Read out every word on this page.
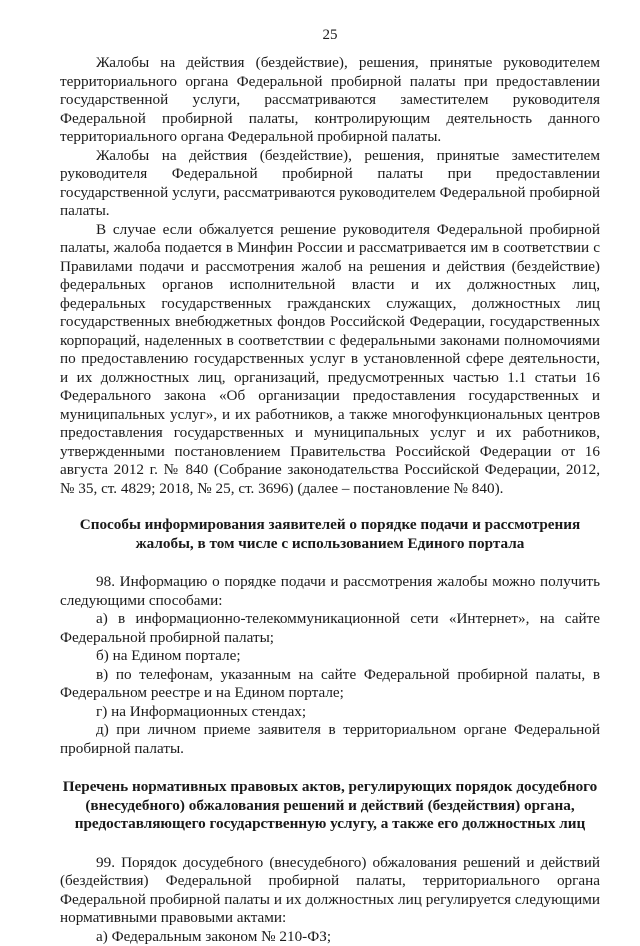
25

Жалобы на действия (бездействие), решения, принятые руководителем территориального органа Федеральной пробирной палаты при предоставлении государственной услуги, рассматриваются заместителем руководителя Федеральной пробирной палаты, контролирующим деятельность данного территориального органа Федеральной пробирной палаты.

Жалобы на действия (бездействие), решения, принятые заместителем руководителя Федеральной пробирной палаты при предоставлении государственной услуги, рассматриваются руководителем Федеральной пробирной палаты.

В случае если обжалуется решение руководителя Федеральной пробирной палаты, жалоба подается в Минфин России и рассматривается им в соответствии с Правилами подачи и рассмотрения жалоб на решения и действия (бездействие) федеральных органов исполнительной власти и их должностных лиц, федеральных государственных гражданских служащих, должностных лиц государственных внебюджетных фондов Российской Федерации, государственных корпораций, наделенных в соответствии с федеральными законами полномочиями по предоставлению государственных услуг в установленной сфере деятельности, и их должностных лиц, организаций, предусмотренных частью 1.1 статьи 16 Федерального закона «Об организации предоставления государственных и муниципальных услуг», и их работников, а также многофункциональных центров предоставления государственных и муниципальных услуг и их работников, утвержденными постановлением Правительства Российской Федерации от 16 августа 2012 г. № 840 (Собрание законодательства Российской Федерации, 2012, № 35, ст. 4829; 2018, № 25, ст. 3696) (далее – постановление № 840).

Способы информирования заявителей о порядке подачи и рассмотрения жалобы, в том числе с использованием Единого портала

98. Информацию о порядке подачи и рассмотрения жалобы можно получить следующими способами:

а) в информационно-телекоммуникационной сети «Интернет», на сайте Федеральной пробирной палаты;

б) на Едином портале;

в) по телефонам, указанным на сайте Федеральной пробирной палаты, в Федеральном реестре и на Едином портале;

г) на Информационных стендах;

д) при личном приеме заявителя в территориальном органе Федеральной пробирной палаты.

Перечень нормативных правовых актов, регулирующих порядок досудебного (внесудебного) обжалования решений и действий (бездействия) органа, предоставляющего государственную услугу, а также его должностных лиц

99. Порядок досудебного (внесудебного) обжалования решений и действий (бездействия) Федеральной пробирной палаты, территориального органа Федеральной пробирной палаты и их должностных лиц регулируется следующими нормативными правовыми актами:

а) Федеральным законом № 210-ФЗ;
